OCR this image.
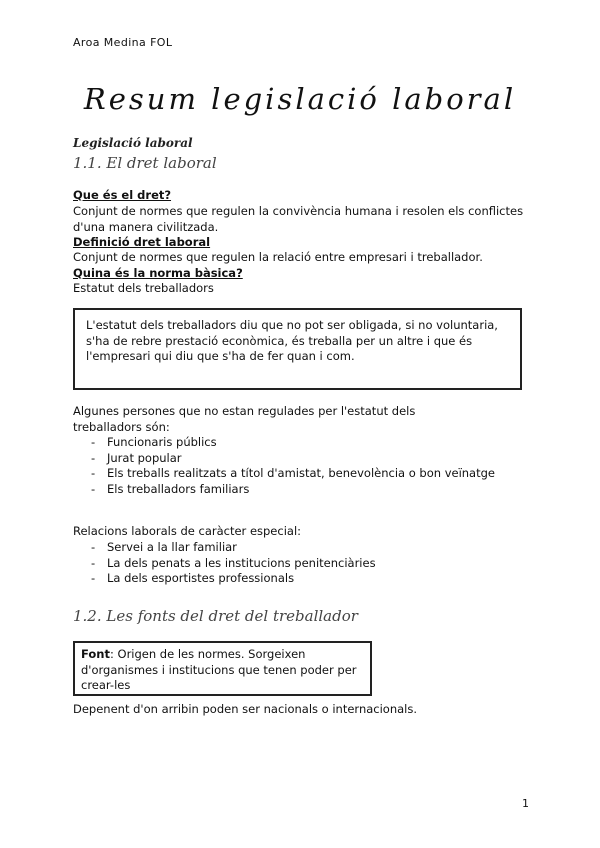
Aroa Medina FOL
Resum legislació laboral
Legislació laboral
1.1. El dret laboral
Que és el dret?
Conjunt de normes que regulen la convivència humana i resolen els conflictes d'una manera civilitzada.
Definició dret laboral
Conjunt de normes que regulen la relació entre empresari i treballador.
Quina és la norma bàsica?
Estatut dels treballadors
L'estatut dels treballadors diu que no pot ser obligada, si no voluntaria, s'ha de rebre prestació econòmica, és treballa per un altre i que és l'empresari qui diu que s'ha de fer quan i com.
Algunes persones que no estan regulades per l'estatut dels treballadors són:
- Funcionaris públics
- Jurat popular
- Els treballs realitzats a títol d'amistat, benevolència o bon veïnatge
- Els treballadors familiars
Relacions laborals de caràcter especial:
- Servei a la llar familiar
- La dels penats a les institucions penitenciàries
- La dels esportistes professionals
1.2. Les fonts del dret del treballador
Font: Origen de les normes. Sorgeixen d'organismes i institucions que tenen poder per crear-les
Depenent d'on arribin poden ser nacionals o internacionals.
1
